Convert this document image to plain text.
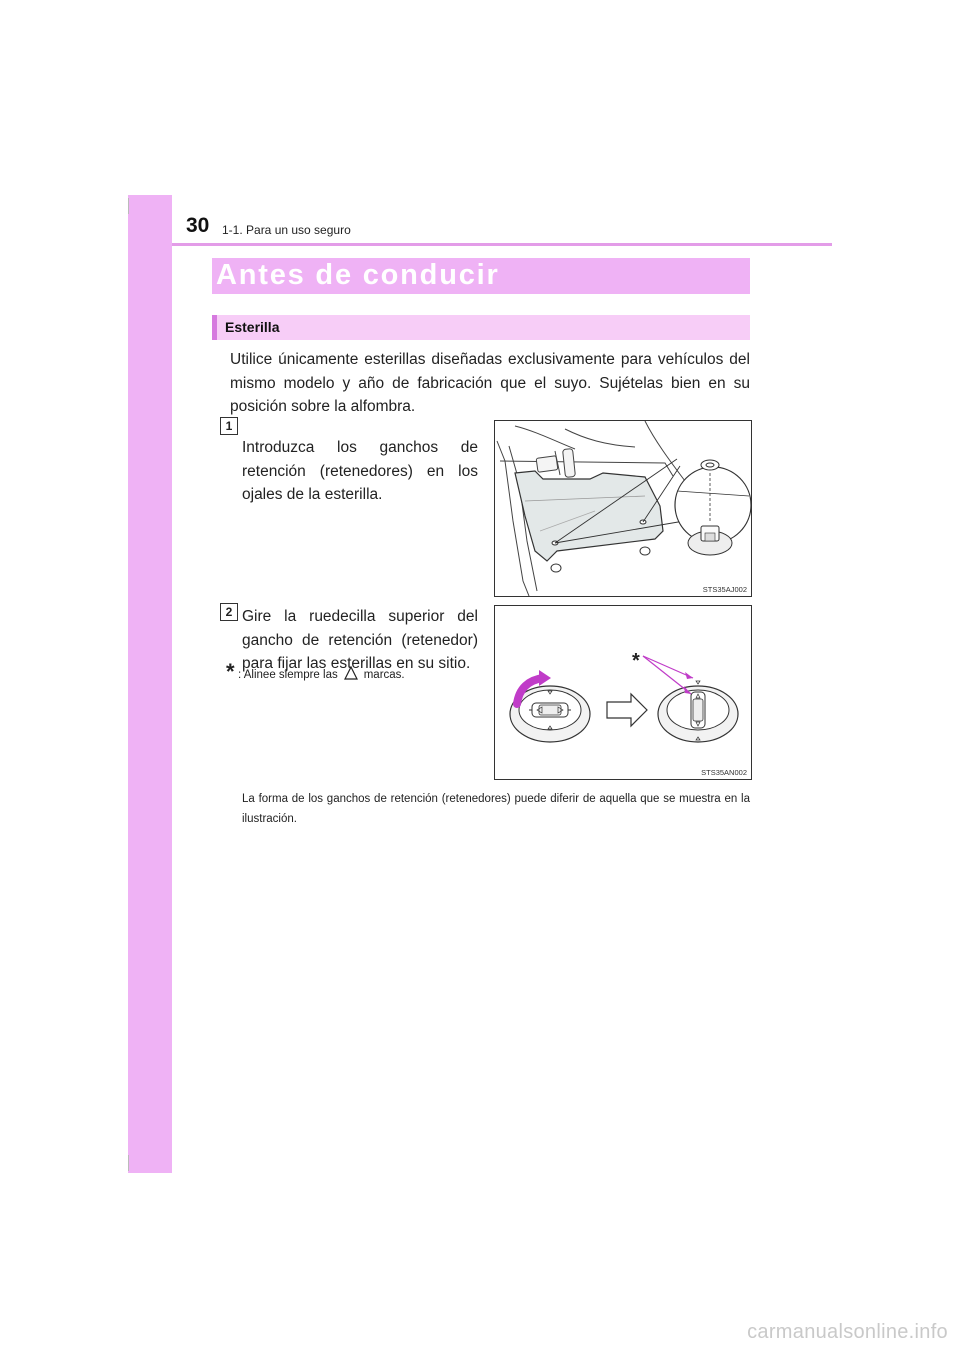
30 1-1. Para un uso seguro
Antes de conducir
Esterilla
Utilice únicamente esterillas diseñadas exclusivamente para vehículos del mismo modelo y año de fabricación que el suyo. Sujételas bien en su posición sobre la alfombra.
1
Introduzca los ganchos de retención (retenedores) en los ojales de la esterilla.
STS35AJ002
2 Gire la ruedecilla superior del gancho de retención (retenedor) para fijar las esterillas en su sitio.
* : Alinee siempre las marcas.
*
STS35AN002
La forma de los ganchos de retención (retenedores) puede diferir de aquella que se muestra en la ilustración.
carmanualsonline.info
